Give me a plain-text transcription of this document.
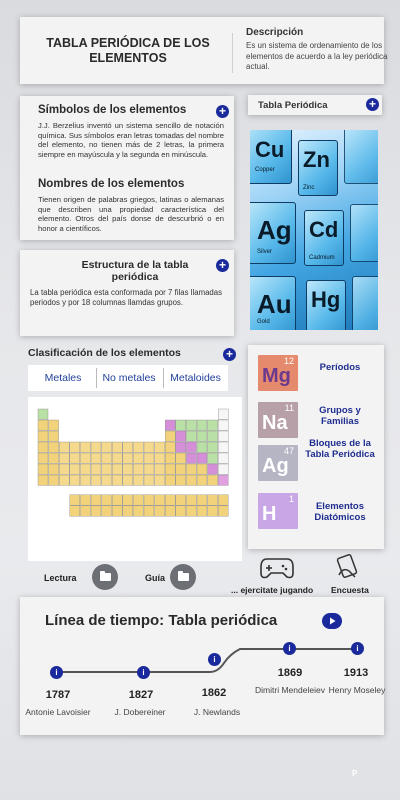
TABLA PERIÓDICA DE LOS ELEMENTOS
Descripción
Es un sistema de ordenamiento de los elementos de acuerdo a la ley periódica actual.
Símbolos de los elementos	+
J.J. Berzelius inventó un sistema sencillo de notación química. Sus símbolos eran letras tomadas del nombre del elemento, no tienen más de 2 letras, la primera siempre en mayúscula y la segunda en minúscula.
Nombres de los elementos
Tienen origen de palabras griegos, latinas o alemanas que describen una propiedad característica del elemento. Otros del país donse de descurbrió o en honor a científicos.
Estructura de la tabla periódica
+
La tabla periódica esta conformada por 7 filas llamadas periodos y por 18 columnas llamdas grupos.
Tabla Periódica	+
Cu
Copper Zn
Zinc
Ag
Silver
Cd
Cadmium
Au
Gold
Hg
Clasificación de los elementos	+
Metales	No metales	Metaloides
Lectura	Guía
Mg
12
Períodos
Na
11	Grupos y Familias
Ag
47
Bloques de la Tabla Periódica
H
1
Elementos Diatómicos
... ejercitate jugando Encuesta
Línea de tiempo: Tabla periódica
i	i
i
i	i
1787
Antonie Lavoisier
1827
J. Dobereiner
1862
J. Newlands
1869
Dimitri Mendeleiev
1913
Henry Moseley
P
